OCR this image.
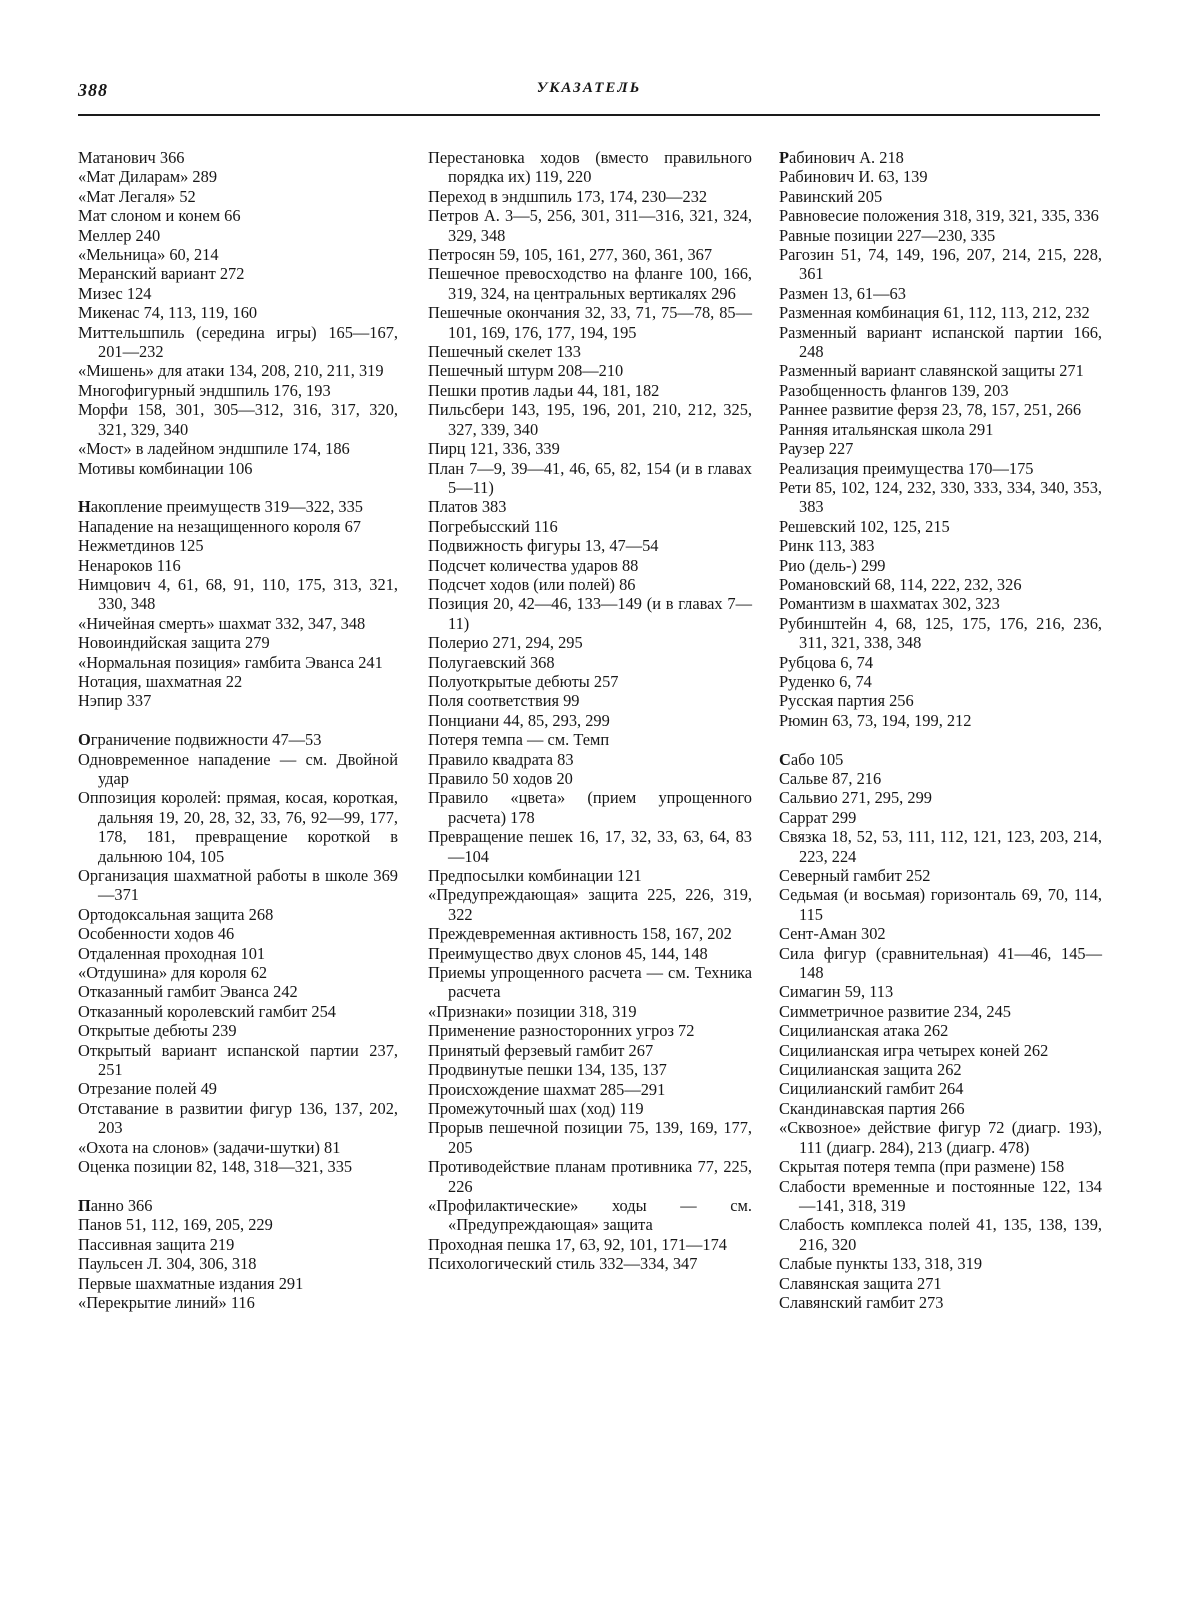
388	УКАЗАТЕЛЬ
Матанович 366
«Мат Диларам» 289
«Мат Легаля» 52
Мат слоном и конем 66
Меллер 240
«Мельница» 60, 214
Меранский вариант 272
Мизес 124
Микенас 74, 113, 119, 160
Миттельшпиль (середина игры) 165—167, 201—232
«Мишень» для атаки 134, 208, 210, 211, 319
Многофигурный эндшпиль 176, 193
Морфи 158, 301, 305—312, 316, 317, 320, 321, 329, 340
«Мост» в ладейном эндшпиле 174, 186
Мотивы комбинации 106
Накопление преимуществ 319—322, 335
Нападение на незащищенного короля 67
Нежметдинов 125
Ненароков 116
Нимцович 4, 61, 68, 91, 110, 175, 313, 321, 330, 348
«Ничейная смерть» шахмат 332, 347, 348
Новоиндийская защита 279
«Нормальная позиция» гамбита Эванса 241
Нотация, шахматная 22
Нэпир 337
Ограничение подвижности 47—53
Одновременное нападение — см. Двойной удар
Оппозиция королей: прямая, косая, короткая, дальняя 19, 20, 28, 32, 33, 76, 92—99, 177, 178, 181, превращение короткой в дальнюю 104, 105
Организация шахматной работы в школе 369—371
Ортодоксальная защита 268
Особенности ходов 46
Отдаленная проходная 101
«Отдушина» для короля 62
Отказанный гамбит Эванса 242
Отказанный королевский гамбит 254
Открытые дебюты 239
Открытый вариант испанской партии 237, 251
Отрезание полей 49
Отставание в развитии фигур 136, 137, 202, 203
«Охота на слонов» (задачи-шутки) 81
Оценка позиции 82, 148, 318—321, 335
Панно 366
Панов 51, 112, 169, 205, 229
Пассивная защита 219
Паульсен Л. 304, 306, 318
Первые шахматные издания 291
«Перекрытие линий» 116
Перестановка ходов (вместо правильного порядка их) 119, 220
Переход в эндшпиль 173, 174, 230—232
Петров А. 3—5, 256, 301, 311—316, 321, 324, 329, 348
Петросян 59, 105, 161, 277, 360, 361, 367
Пешечное превосходство на фланге 100, 166, 319, 324, на центральных вертикалях 296
Пешечные окончания 32, 33, 71, 75—78, 85—101, 169, 176, 177, 194, 195
Пешечный скелет 133
Пешечный штурм 208—210
Пешки против ладьи 44, 181, 182
Пильсбери 143, 195, 196, 201, 210, 212, 325, 327, 339, 340
Пирц 121, 336, 339
План 7—9, 39—41, 46, 65, 82, 154 (и в главах 5—11)
Платов 383
Погребысский 116
Подвижность фигуры 13, 47—54
Подсчет количества ударов 88
Подсчет ходов (или полей) 86
Позиция 20, 42—46, 133—149 (и в главах 7—11)
Полерио 271, 294, 295
Полугаевский 368
Полуоткрытые дебюты 257
Поля соответствия 99
Понциани 44, 85, 293, 299
Потеря темпа — см. Темп
Правило квадрата 83
Правило 50 ходов 20
Правило «цвета» (прием упрощенного расчета) 178
Превращение пешек 16, 17, 32, 33, 63, 64, 83—104
Предпосылки комбинации 121
«Предупреждающая» защита 225, 226, 319, 322
Преждевременная активность 158, 167, 202
Преимущество двух слонов 45, 144, 148
Приемы упрощенного расчета — см. Техника расчета
«Признаки» позиции 318, 319
Применение разносторонних угроз 72
Принятый ферзевый гамбит 267
Продвинутые пешки 134, 135, 137
Происхождение шахмат 285—291
Промежуточный шах (ход) 119
Прорыв пешечной позиции 75, 139, 169, 177, 205
Противодействие планам противника 77, 225, 226
«Профилактические» ходы — см. «Предупреждающая» защита
Проходная пешка 17, 63, 92, 101, 171—174
Психологический стиль 332—334, 347
Рабинович А. 218
Рабинович И. 63, 139
Равинский 205
Равновесие положения 318, 319, 321, 335, 336
Равные позиции 227—230, 335
Рагозин 51, 74, 149, 196, 207, 214, 215, 228, 361
Размен 13, 61—63
Разменная комбинация 61, 112, 113, 212, 232
Разменный вариант испанской партии 166, 248
Разменный вариант славянской защиты 271
Разобщенность флангов 139, 203
Раннее развитие ферзя 23, 78, 157, 251, 266
Ранняя итальянская школа 291
Раузер 227
Реализация преимущества 170—175
Рети 85, 102, 124, 232, 330, 333, 334, 340, 353, 383
Решевский 102, 125, 215
Ринк 113, 383
Рио (дель-) 299
Романовский 68, 114, 222, 232, 326
Романтизм в шахматах 302, 323
Рубинштейн 4, 68, 125, 175, 176, 216, 236, 311, 321, 338, 348
Рубцова 6, 74
Руденко 6, 74
Русская партия 256
Рюмин 63, 73, 194, 199, 212
Сабо 105
Сальве 87, 216
Сальвио 271, 295, 299
Саррат 299
Связка 18, 52, 53, 111, 112, 121, 123, 203, 214, 223, 224
Северный гамбит 252
Седьмая (и восьмая) горизонталь 69, 70, 114, 115
Сент-Аман 302
Сила фигур (сравнительная) 41—46, 145—148
Симагин 59, 113
Симметричное развитие 234, 245
Сицилианская атака 262
Сицилианская игра четырех коней 262
Сицилианская защита 262
Сицилианский гамбит 264
Скандинавская партия 266
«Сквозное» действие фигур 72 (диагр. 193), 111 (диагр. 284), 213 (диагр. 478)
Скрытая потеря темпа (при размене) 158
Слабости временные и постоянные 122, 134—141, 318, 319
Слабость комплекса полей 41, 135, 138, 139, 216, 320
Слабые пункты 133, 318, 319
Славянская защита 271
Славянский гамбит 273
